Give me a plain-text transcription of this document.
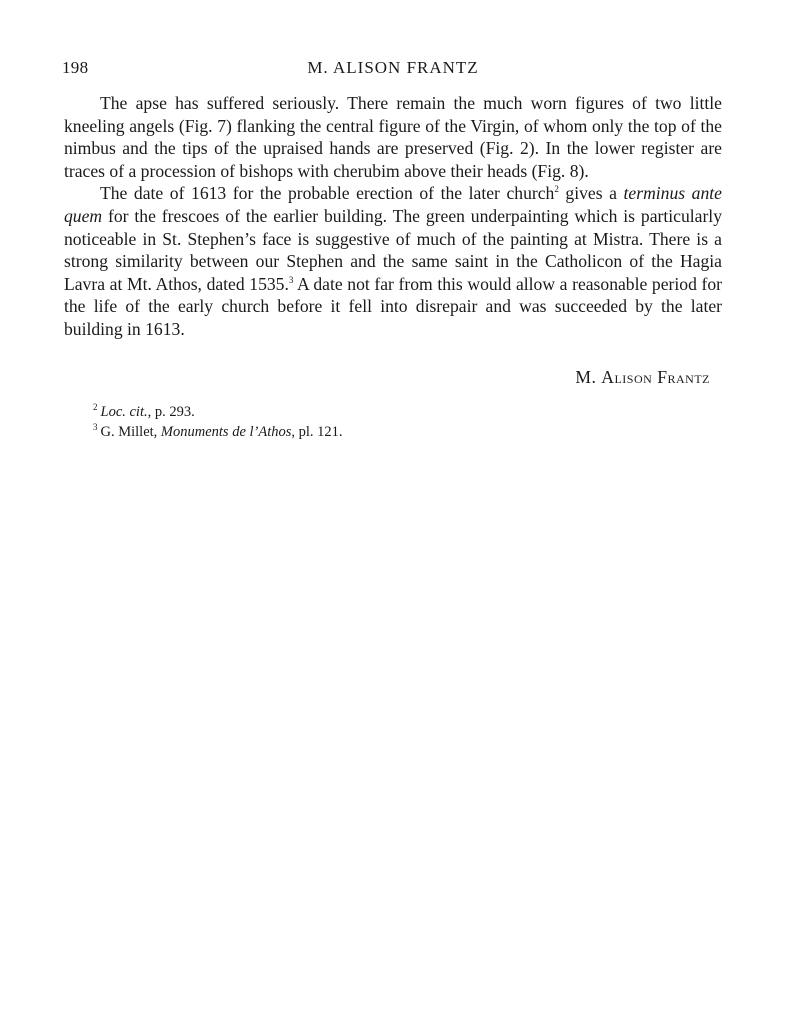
198	M. ALISON FRANTZ

The apse has suffered seriously. There remain the much worn figures of two little kneeling angels (Fig. 7) flanking the central figure of the Virgin, of whom only the top of the nimbus and the tips of the upraised hands are preserved (Fig. 2). In the lower register are traces of a procession of bishops with cherubim above their heads (Fig. 8).

The date of 1613 for the probable erection of the later church$^2$ gives a terminus ante quem for the frescoes of the earlier building. The green underpainting which is particularly noticeable in St. Stephen’s face is suggestive of much of the painting at Mistra. There is a strong similarity between our Stephen and the same saint in the Catholicon of the Hagia Lavra at Mt. Athos, dated 1535.$^3$ A date not far from this would allow a reasonable period for the life of the early church before it fell into disrepair and was succeeded by the later building in 1613.

M. Alison Frantz
$^2$ Loc. cit., p. 293.
$^3$ G. Millet, Monuments de l’Athos, pl. 121.
